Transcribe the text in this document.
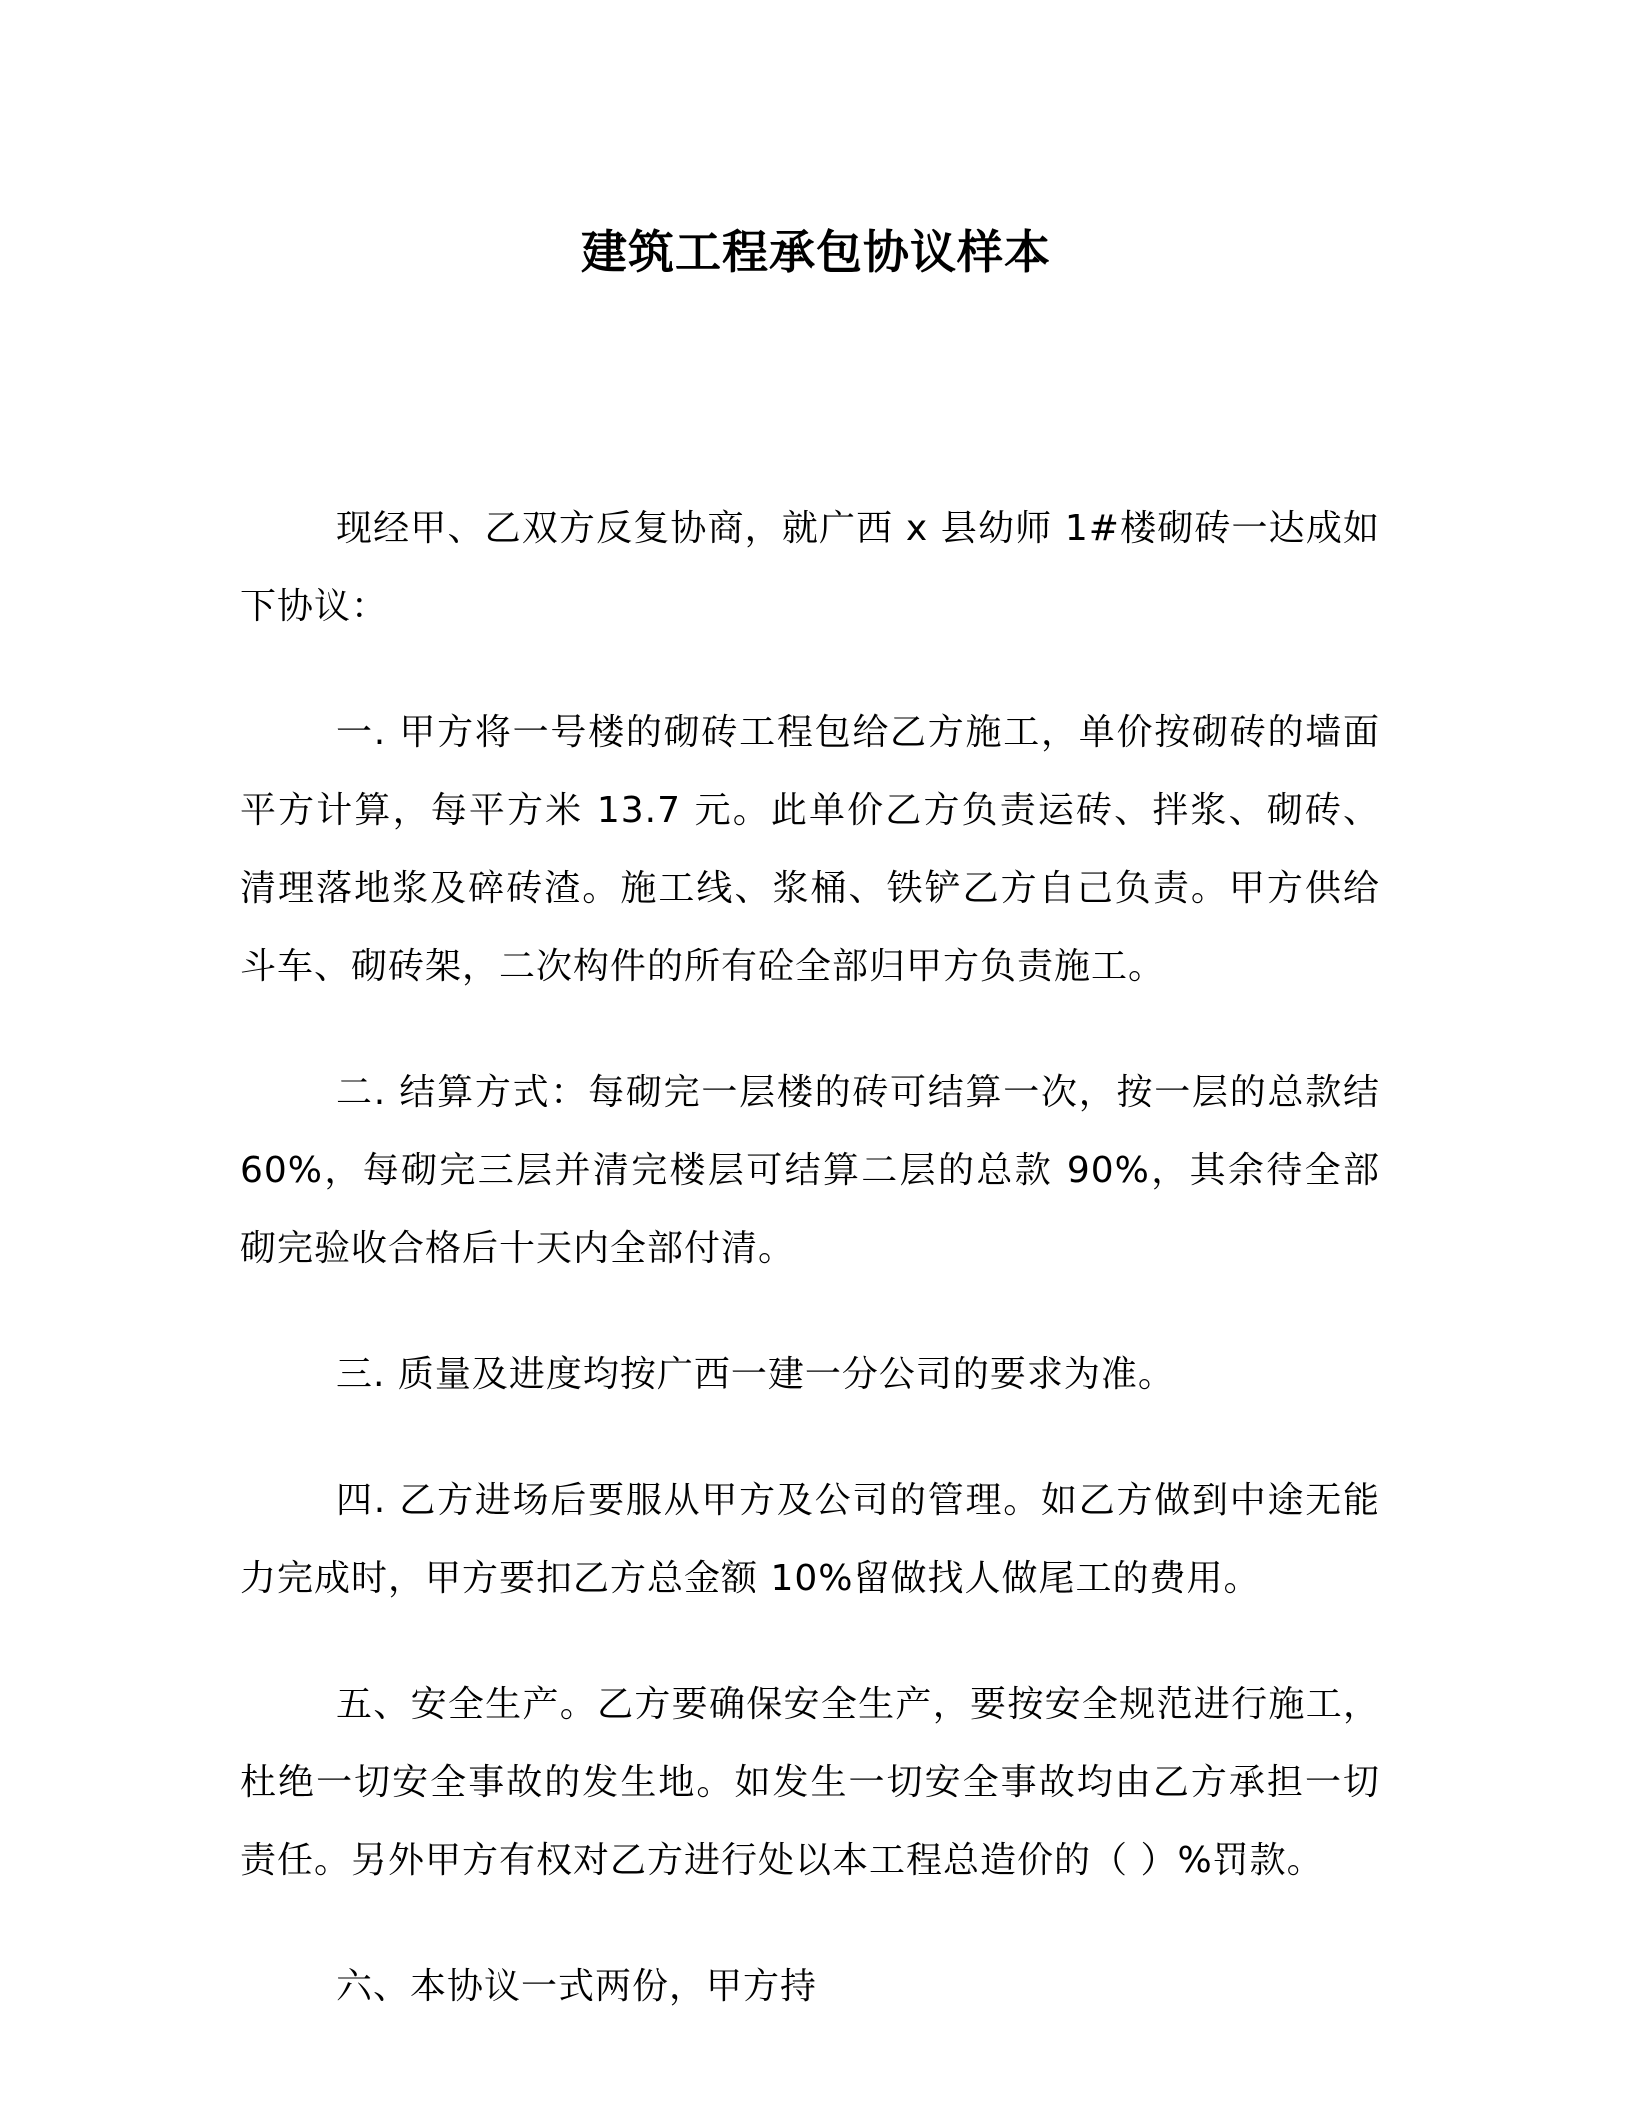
建筑工程承包协议样本

现经甲、乙双方反复协商，就广西 x 县幼师 1#楼砌砖一达成如下协议：

一. 甲方将一号楼的砌砖工程包给乙方施工，单价按砌砖的墙面平方计算，每平方米 13.7 元。此单价乙方负责运砖、拌浆、砌砖、清理落地浆及碎砖渣。施工线、浆桶、铁铲乙方自己负责。甲方供给斗车、砌砖架，二次构件的所有砼全部归甲方负责施工。

二. 结算方式：每砌完一层楼的砖可结算一次，按一层的总款结 60%，每砌完三层并清完楼层可结算二层的总款 90%，其余待全部砌完验收合格后十天内全部付清。

三. 质量及进度均按广西一建一分公司的要求为准。

四. 乙方进场后要服从甲方及公司的管理。如乙方做到中途无能力完成时，甲方要扣乙方总金额 10%留做找人做尾工的费用。

五、安全生产。乙方要确保安全生产，要按安全规范进行施工，杜绝一切安全事故的发生地。如发生一切安全事故均由乙方承担一切责任。另外甲方有权对乙方进行处以本工程总造价的（ ）%罚款。

六、本协议一式两份，甲方持
